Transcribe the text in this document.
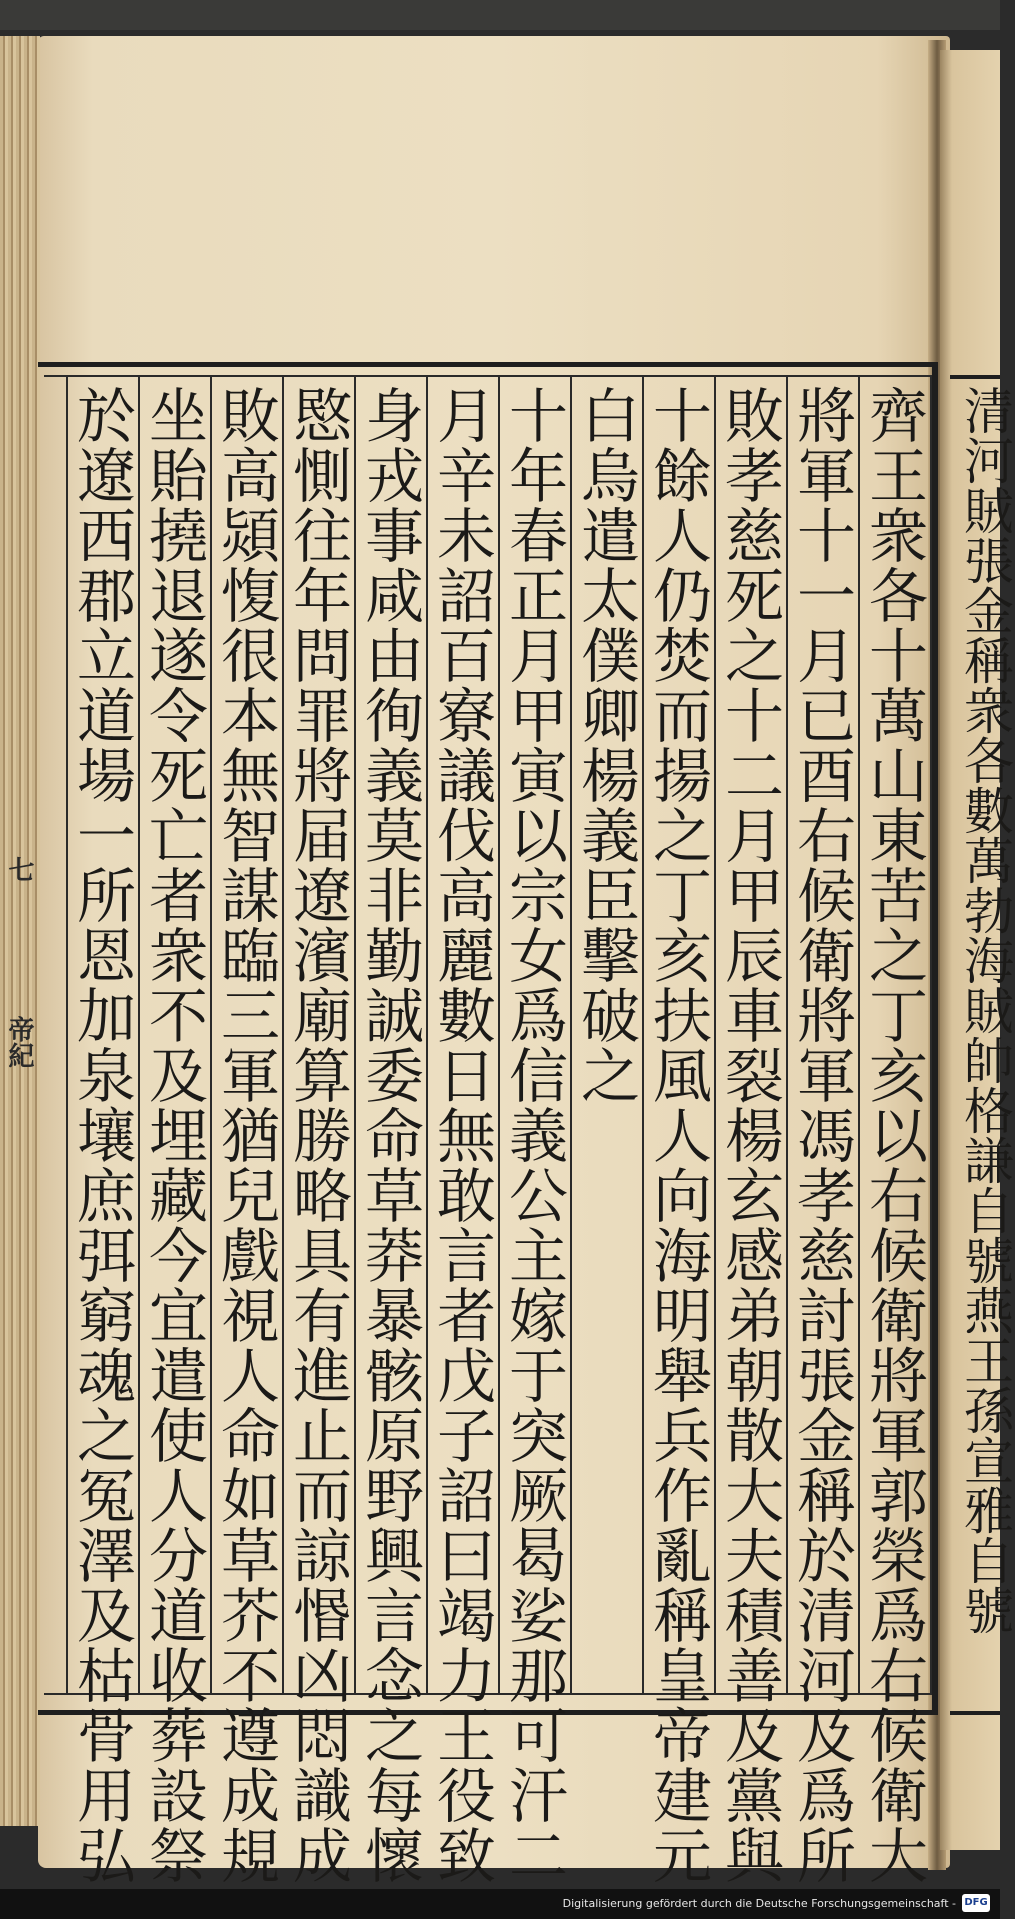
七
帝紀	清河賊張金稱衆各數萬勃海賊帥格謙自號燕王孫宣雅自號
齊王衆各十萬山東苦之丁亥以右候衛將軍郭榮爲右候衛大
將軍十一月已酉右候衛將軍馮孝慈討張金稱於清河及爲所
敗孝慈死之十二月甲辰車裂楊玄感弟朝散大夫積善及黨與
十餘人仍焚而揚之丁亥扶風人向海明舉兵作亂稱皇帝建元
白烏遣太僕卿楊義臣擊破之
十年春正月甲寅以宗女爲信義公主嫁于突厥曷娑那可汗二
月辛未詔百寮議伐高麗數日無敢言者戊子詔曰竭力王役致
身戎事咸由徇義莫非勤誠委命草莽暴骸原野興言念之每懷
愍惻往年問罪將届遼濱廟算勝略具有進止而諒惽凶悶識成
敗高熲愎很本無智謀臨三軍猶兒戲視人命如草芥不遵成規
坐貽撓退遂令死亡者衆不及埋藏今宜遣使人分道收葬設祭
於遼西郡立道場一所恩加泉壤庶弭窮魂之冤澤及枯骨用弘
Digitalisierung gefördert durch die Deutsche Forschungsgemeinschaft - DFG
